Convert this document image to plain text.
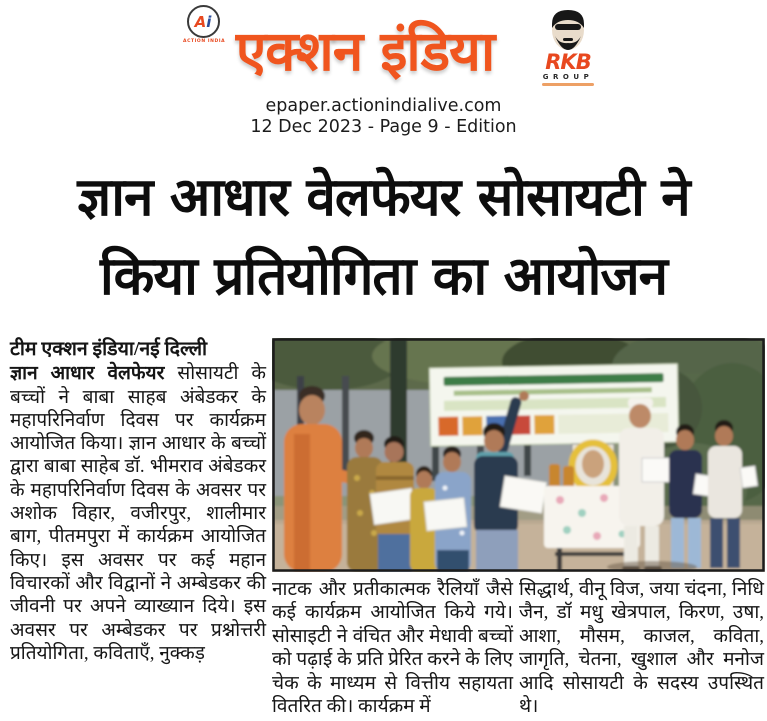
A i
ACTION INDIA एक्शन इंडिया	RKB
GROUP
epaper.actionindialive.com
12 Dec 2023 - Page 9 - Edition
ज्ञान आधार वेलफेयर सोसायटी ने
किया प्रतियोगिता का आयोजन
टीम एक्शन इंडिया/नई दिल्ली
ज्ञान आधार वेलफेयर सोसायटी के बच्चों ने बाबा साहब अंबेडकर के महापरिनिर्वाण दिवस पर कार्यक्रम आयोजित किया। ज्ञान आधार के बच्चों द्वारा बाबा साहेब डॉ. भीमराव अंबेडकर के महापरिनिर्वाण दिवस के अवसर पर अशोक विहार, वजीरपुर, शालीमार बाग, पीतमपुरा में कार्यक्रम आयोजित किए। इस अवसर पर कई महान विचारकों और विद्वानों ने अम्बेडकर की जीवनी पर अपने व्याख्यान दिये। इस अवसर पर अम्बेडकर पर प्रश्नोत्तरी प्रतियोगिता, कविताएँ, नुक्कड़
नाटक और प्रतीकात्मक रैलियाँ जैसे कई कार्यक्रम आयोजित किये गये। सोसाइटी ने वंचित और मेधावी बच्चों को पढ़ाई के प्रति प्रेरित करने के लिए चेक के माध्यम से वित्तीय सहायता वितरित की। कार्यक्रम में
सिद्धार्थ, वीनू विज, जया चंदना, निधि जैन, डॉ मधु खेत्रपाल, किरण, उषा, आशा, मौसम, काजल, कविता, जागृति, चेतना, खुशाल और मनोज आदि सोसायटी के सदस्य उपस्थित थे।
